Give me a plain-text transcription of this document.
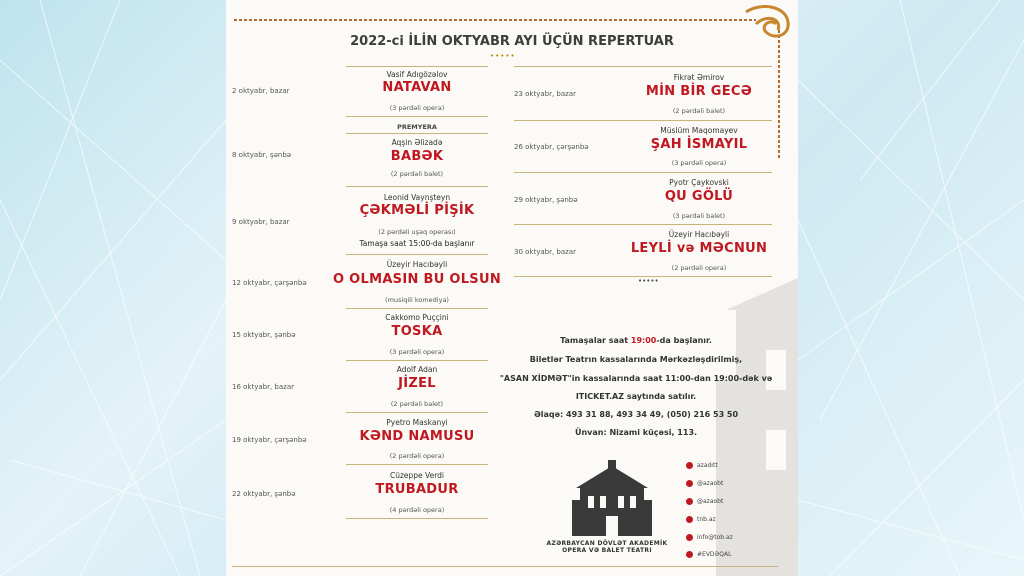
2022-ci İLİN OKTYABR AYI ÜÇÜN REPERTUAR
•••••
2 oktyabr, bazar
Vasif Adıgözəlov
NATAVAN
(3 pərdəli opera)
PREMYERA
8 oktyabr, şənbə
Aqşin Əlizadə
BABƏK
(2 pərdəli balet)
9 oktyabr, bazar
Leonid Vaynştеyn
ÇƏKMƏLİ PİŞİK
(2 pərdəli uşaq operası)
Tamaşa saat 15:00-da başlanır
12 oktyabr, çərşənbə
Üzeyir Hacıbəyli
O OLMASIN BU OLSUN
(musiqili komediya)
15 oktyabr, şənbə
Cakkomo Puççini
TOSKA
(3 pərdəli opera)
16 oktyabr, bazar
Adolf Adan
JİZEL
(2 pərdəli balet)
19 oktyabr, çərşənbə
Pyetro Maskanyi
KƏND NAMUSU
(2 pərdəli opera)
22 oktyabr, şənbə
Cüzeppe Verdi
TRUBADUR
(4 pərdəli opera)
23 oktyabr, bazar
Fikrət Əmirov
MİN BİR GECƏ
(2 pərdəli balet)
26 oktyabr, çərşənbə
Müslüm Maqomayev
ŞAH İSMAYIL
(3 pərdəli opera)
29 oktyabr, şənbə
Pyotr Çaykovski
QU GÖLÜ
(3 pərdəli balet)
30 oktyabr, bazar
Üzeyir Hacıbəyli
LEYLİ və MƏCNUN
(2 pərdəli opera)
•••••
Tamaşalar saat 19:00-da başlanır.
Biletlər Teatrın kassalarında Mərkəzləşdirilmiş,
"ASAN XİDMƏT"in kassalarında saat 11:00-dan 19:00-dək və
ITICKET.AZ saytında satılır.
Əlaqə: 493 31 88, 493 34 49, (050) 216 53 50
Ünvan: Nizami küçəsi, 113.
AZƏRBAYCAN DÖVLƏT AKADEMİK
OPERA VƏ BALET TEATRI
azadıtt
@azaobt
@azaobt
tnb.az
info@tob.az
#EVDƏQAL
